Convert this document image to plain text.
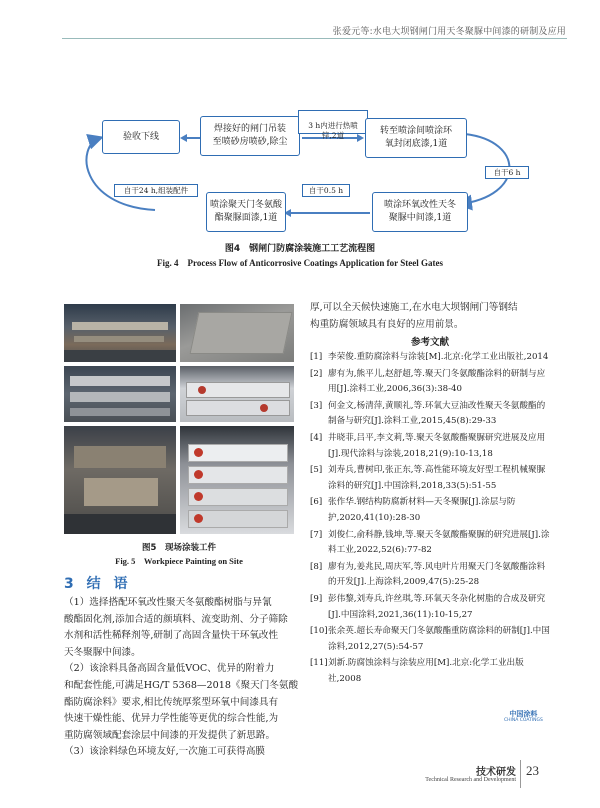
张爱元等:水电大坝钢闸门用天冬聚脲中间漆的研制及应用
验收下线
焊接好的闸门吊装
至喷砂房喷砂,除尘

3 h内进行热喷
锌,2道	转至喷涂间喷涂环
氧封闭底漆,1道
自干6 h
喷涂环氧改性天冬
聚脲中间漆,1道
自干0.5 h
喷涂聚天门冬氨酸
酯聚脲面漆,1道
自干24 h,组装配件
图4　钢闸门防腐涂装施工工艺流程图
Fig. 4　Process Flow of Anticorrosive Coatings Application for Steel Gates
图5　现场涂装工件
Fig. 5　Workpiece Painting on Site
3 结 语
（1）选择搭配环氧改性聚天冬氨酸酯树脂与异氰
酸酯固化剂,添加合适的颜填料、流变助剂、分子筛除
水剂和活性稀释剂等,研制了高固含量快干环氧改性
天冬聚脲中间漆。
（2）该涂料具备高固含量低VOC、优异的附着力
和配套性能,可满足HG/T 5368—2018《聚天门冬氨酸
酯防腐涂料》要求,相比传统厚浆型环氧中间漆具有
快速干燥性能、优异力学性能等更优的综合性能,为
重防腐领域配套涂层中间漆的开发提供了新思路。
（3）该涂料绿色环境友好,一次施工可获得高膜
厚,可以全天候快速施工,在水电大坝钢闸门等钢结
构重防腐领域具有良好的应用前景。
参考文献
[1] 李荣俊.重防腐涂料与涂装[M].北京:化学工业出版社,2014
[2] 廖有为,熊平儿,赵舒超,等.聚天门冬氨酸酯涂料的研制与应用[J].涂料工业,2006,36(3):38-40
[3] 何金文,杨清萍,黄顺礼,等.环氧大豆油改性聚天冬氨酸酯的制备与研究[J].涂料工业,2015,45(8):29-33
[4] 井晓菲,吕平,李文莉,等.聚天冬氨酸酯聚脲研究进展及应用[J].现代涂料与涂装,2018,21(9):10-13,18
[5] 刘寿兵,曹树印,张正东,等.高性能环境友好型工程机械聚脲涂料的研究[J].中国涂料,2018,33(5):51-55
[6] 张作华.钢结构防腐新材料—天冬聚脲[J].涂层与防护,2020,41(10):28-30
[7] 刘俊仁,俞科静,钱坤,等.聚天冬氨酸酯聚脲的研究进展[J].涂料工业,2022,52(6):77-82
[8] 廖有为,姜兆民,周庆军,等.风电叶片用聚天门冬氨酸酯涂料的开发[J].上海涂料,2009,47(5):25-28
[9] 彭伟黎,刘寿兵,许丝琪,等.环氧天冬杂化树脂的合成及研究[J].中国涂料,2021,36(11):10-15,27
[10] 张余英.超长寿命聚天门冬氨酸酯重防腐涂料的研制[J].中国涂料,2012,27(5):54-57
[11] 刘新.防腐蚀涂料与涂装应用[M].北京:化学工业出版社,2008
中国涂料
CHINA COATINGS
技术研发
Technical Research and Development
23
